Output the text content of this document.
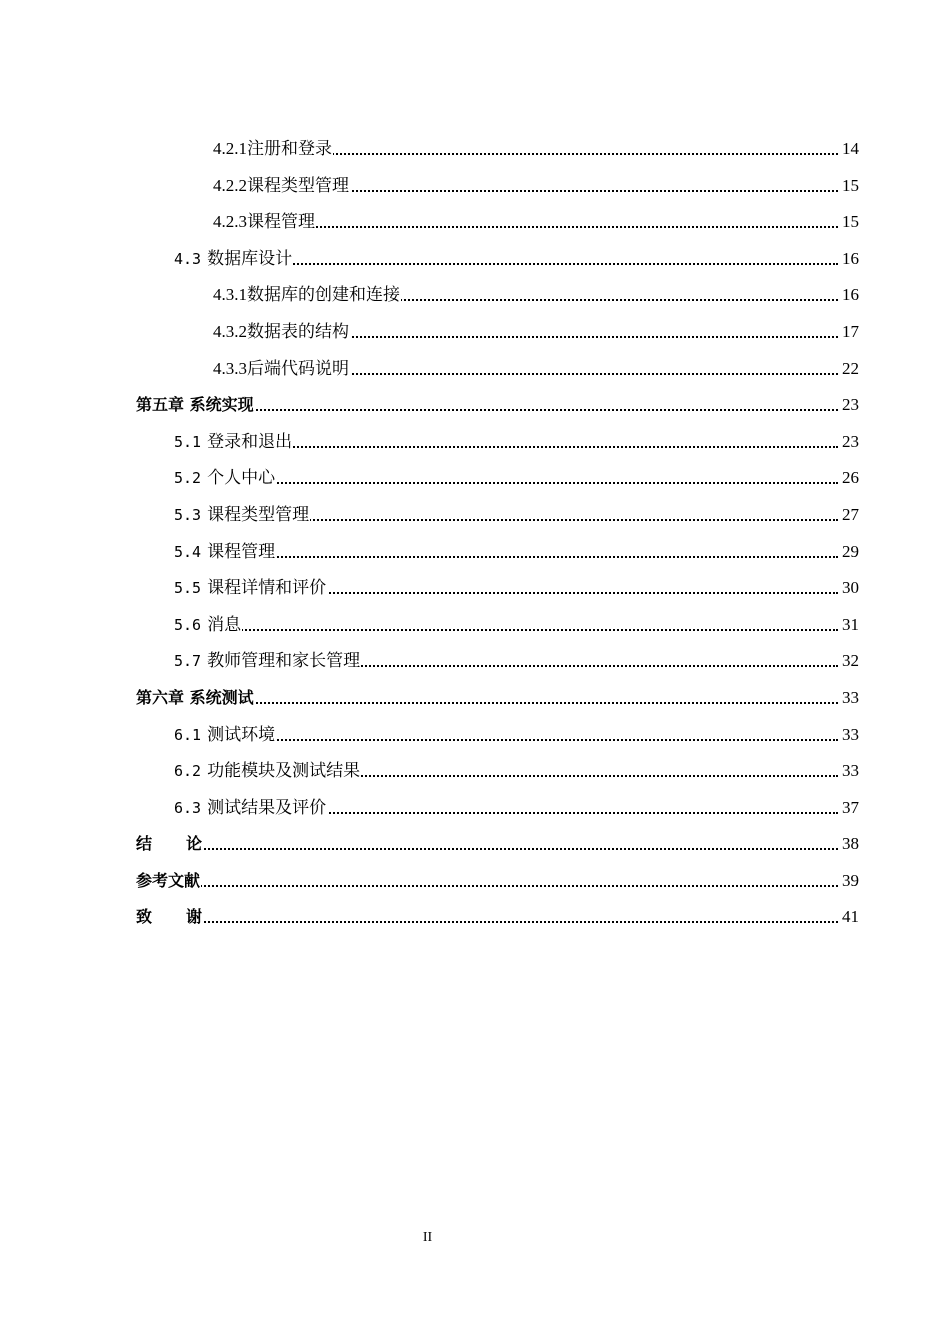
4.2.1注册和登录	14
4.2.2课程类型管理	15
4.2.3课程管理	15
4.3 数据库设计	16
4.3.1数据库的创建和连接	16
4.3.2数据表的结构	17
4.3.3后端代码说明	22
第五章 系统实现	23
5.1 登录和退出	23
5.2 个人中心	26
5.3 课程类型管理	27
5.4 课程管理	29
5.5 课程详情和评价	30
5.6 消息	31
5.7 教师管理和家长管理	32
第六章 系统测试	33
6.1 测试环境	33
6.2 功能模块及测试结果	33
6.3 测试结果及评价	37
结论	38
参考文献	39
致谢	41
II
